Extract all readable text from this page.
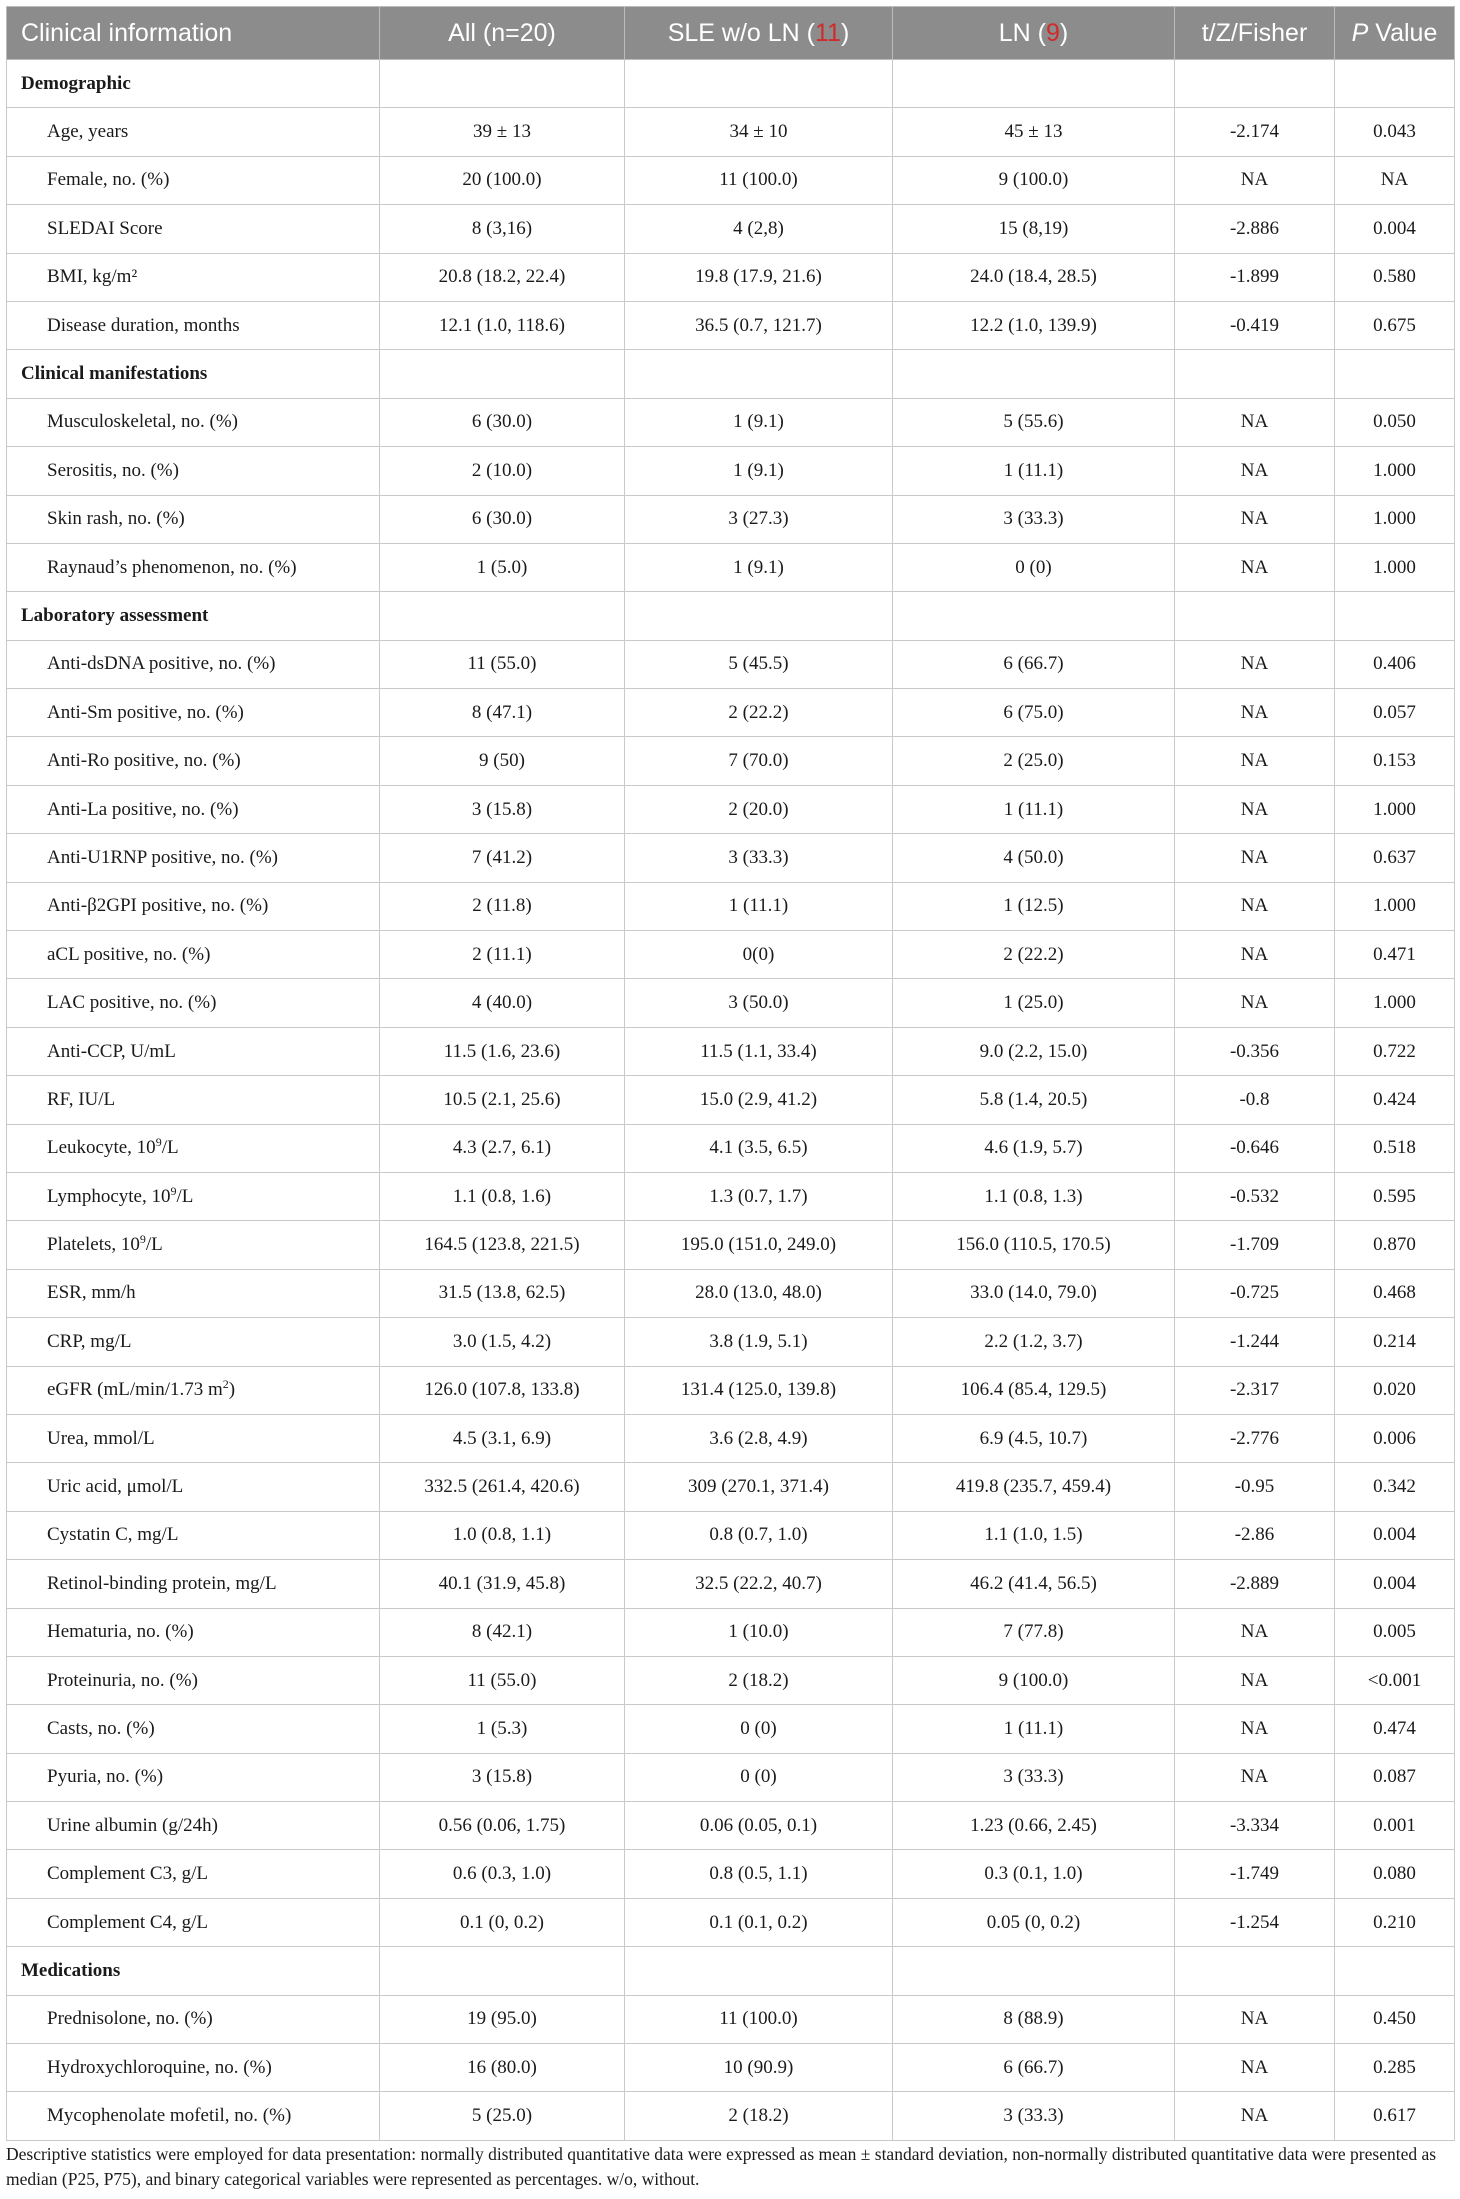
Clinical information	All (n=20)	SLE w/o LN (11)	LN (9)	t/Z/Fisher	P Value
Demographic					
Age, years	39 ± 13	34 ± 10	45 ± 13	-2.174	0.043
Female, no. (%)	20 (100.0)	11 (100.0)	9 (100.0)	NA	NA
SLEDAI Score	8 (3,16)	4 (2,8)	15 (8,19)	-2.886	0.004
BMI, kg/m²	20.8 (18.2, 22.4)	19.8 (17.9, 21.6)	24.0 (18.4, 28.5)	-1.899	0.580
Disease duration, months	12.1 (1.0, 118.6)	36.5 (0.7, 121.7)	12.2 (1.0, 139.9)	-0.419	0.675
Clinical manifestations					
Musculoskeletal, no. (%)	6 (30.0)	1 (9.1)	5 (55.6)	NA	0.050
Serositis, no. (%)	2 (10.0)	1 (9.1)	1 (11.1)	NA	1.000
Skin rash, no. (%)	6 (30.0)	3 (27.3)	3 (33.3)	NA	1.000
Raynaud’s phenomenon, no. (%)	1 (5.0)	1 (9.1)	0 (0)	NA	1.000
Laboratory assessment					
Anti-dsDNA positive, no. (%)	11 (55.0)	5 (45.5)	6 (66.7)	NA	0.406
Anti-Sm positive, no. (%)	8 (47.1)	2 (22.2)	6 (75.0)	NA	0.057
Anti-Ro positive, no. (%)	9 (50)	7 (70.0)	2 (25.0)	NA	0.153
Anti-La positive, no. (%)	3 (15.8)	2 (20.0)	1 (11.1)	NA	1.000
Anti-U1RNP positive, no. (%)	7 (41.2)	3 (33.3)	4 (50.0)	NA	0.637
Anti-β2GPI positive, no. (%)	2 (11.8)	1 (11.1)	1 (12.5)	NA	1.000
aCL positive, no. (%)	2 (11.1)	0(0)	2 (22.2)	NA	0.471
LAC positive, no. (%)	4 (40.0)	3 (50.0)	1 (25.0)	NA	1.000
Anti-CCP, U/mL	11.5 (1.6, 23.6)	11.5 (1.1, 33.4)	9.0 (2.2, 15.0)	-0.356	0.722
RF, IU/L	10.5 (2.1, 25.6)	15.0 (2.9, 41.2)	5.8 (1.4, 20.5)	-0.8	0.424
Leukocyte, $10^9/L$	4.3 (2.7, 6.1)	4.1 (3.5, 6.5)	4.6 (1.9, 5.7)	-0.646	0.518
Lymphocyte, $10^9/L$	1.1 (0.8, 1.6)	1.3 (0.7, 1.7)	1.1 (0.8, 1.3)	-0.532	0.595
Platelets, $10^9/L$	164.5 (123.8, 221.5)	195.0 (151.0, 249.0)	156.0 (110.5, 170.5)	-1.709	0.870
ESR, mm/h	31.5 (13.8, 62.5)	28.0 (13.0, 48.0)	33.0 (14.0, 79.0)	-0.725	0.468
CRP, mg/L	3.0 (1.5, 4.2)	3.8 (1.9, 5.1)	2.2 (1.2, 3.7)	-1.244	0.214
eGFR (mL/min/1.73 $m^2$)	126.0 (107.8, 133.8)	131.4 (125.0, 139.8)	106.4 (85.4, 129.5)	-2.317	0.020
Urea, mmol/L	4.5 (3.1, 6.9)	3.6 (2.8, 4.9)	6.9 (4.5, 10.7)	-2.776	0.006
Uric acid, μmol/L	332.5 (261.4, 420.6)	309 (270.1, 371.4)	419.8 (235.7, 459.4)	-0.95	0.342
Cystatin C, mg/L	1.0 (0.8, 1.1)	0.8 (0.7, 1.0)	1.1 (1.0, 1.5)	-2.86	0.004
Retinol-binding protein, mg/L	40.1 (31.9, 45.8)	32.5 (22.2, 40.7)	46.2 (41.4, 56.5)	-2.889	0.004
Hematuria, no. (%)	8 (42.1)	1 (10.0)	7 (77.8)	NA	0.005
Proteinuria, no. (%)	11 (55.0)	2 (18.2)	9 (100.0)	NA	<0.001
Casts, no. (%)	1 (5.3)	0 (0)	1 (11.1)	NA	0.474
Pyuria, no. (%)	3 (15.8)	0 (0)	3 (33.3)	NA	0.087
Urine albumin (g/24h)	0.56 (0.06, 1.75)	0.06 (0.05, 0.1)	1.23 (0.66, 2.45)	-3.334	0.001
Complement C3, g/L	0.6 (0.3, 1.0)	0.8 (0.5, 1.1)	0.3 (0.1, 1.0)	-1.749	0.080
Complement C4, g/L	0.1 (0, 0.2)	0.1 (0.1, 0.2)	0.05 (0, 0.2)	-1.254	0.210
Medications					
Prednisolone, no. (%)	19 (95.0)	11 (100.0)	8 (88.9)	NA	0.450
Hydroxychloroquine, no. (%)	16 (80.0)	10 (90.9)	6 (66.7)	NA	0.285
Mycophenolate mofetil, no. (%)	5 (25.0)	2 (18.2)	3 (33.3)	NA	0.617
Descriptive statistics were employed for data presentation: normally distributed quantitative data were expressed as mean ± standard deviation, non-normally distributed quantitative data were presented as median (P25, P75), and binary categorical variables were represented as percentages. w/o, without.
